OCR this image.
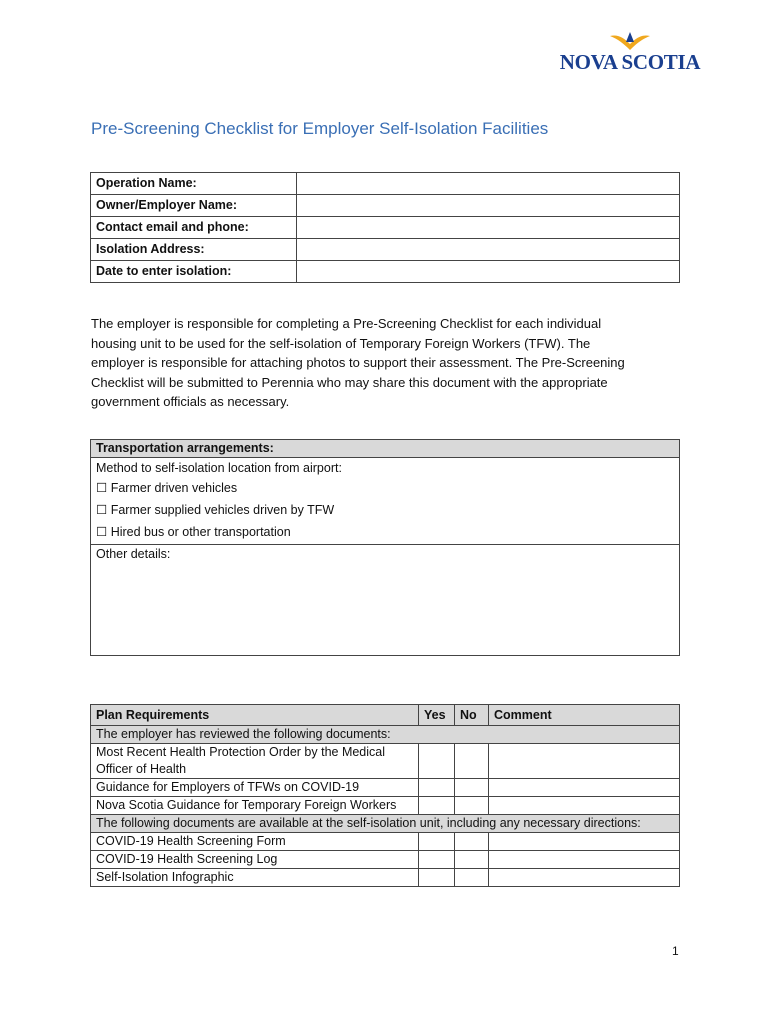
NOVA SCOTIA
Pre-Screening Checklist for Employer Self-Isolation Facilities
Operation Name:	
Owner/Employer Name:	
Contact email and phone:	
Isolation Address:	
Date to enter isolation:	

The employer is responsible for completing a Pre-Screening Checklist for each individual

housing unit to be used for the self-isolation of Temporary Foreign Workers (TFW). The

employer is responsible for attaching photos to support their assessment. The Pre-Screening

Checklist will be submitted to Perennia who may share this document with the appropriate

government officials as necessary.

Transportation arrangements:

Method to self-isolation location from airport:
☐ Farmer driven vehicles
☐ Farmer supplied vehicles driven by TFW
☐ Hired bus or other transportation

Other details:
Plan Requirements	Yes	No	Comment
The employer has reviewed the following documents:			
Most Recent Health Protection Order by the Medical Officer of Health			
Guidance for Employers of TFWs on COVID-19			
Nova Scotia Guidance for Temporary Foreign Workers			
The following documents are available at the self-isolation unit, including any necessary directions:			
COVID-19 Health Screening Form			
COVID-19 Health Screening Log			
Self-Isolation Infographic			
1
